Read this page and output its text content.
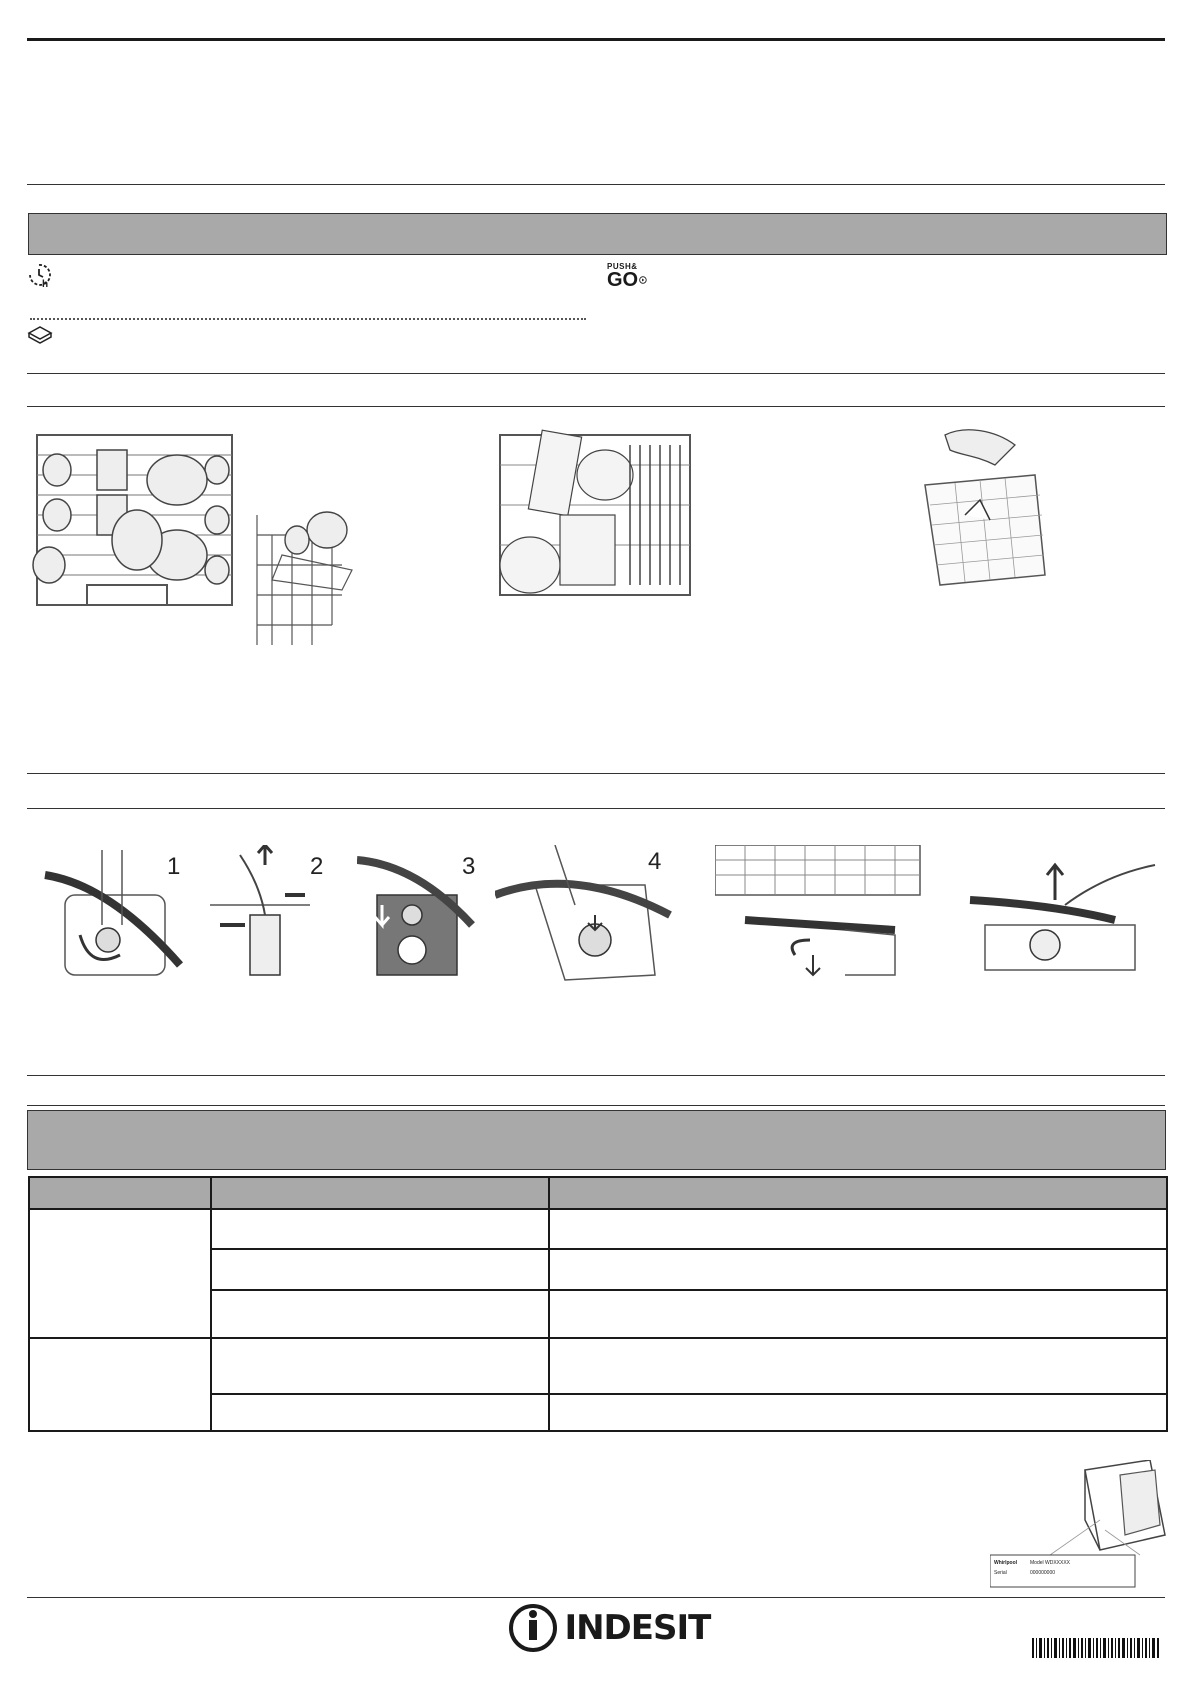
h
PUSH&
GO
1	2	3	4

Whirlpool	Model WDXXXXX
Serial	000000000
INDESIT
